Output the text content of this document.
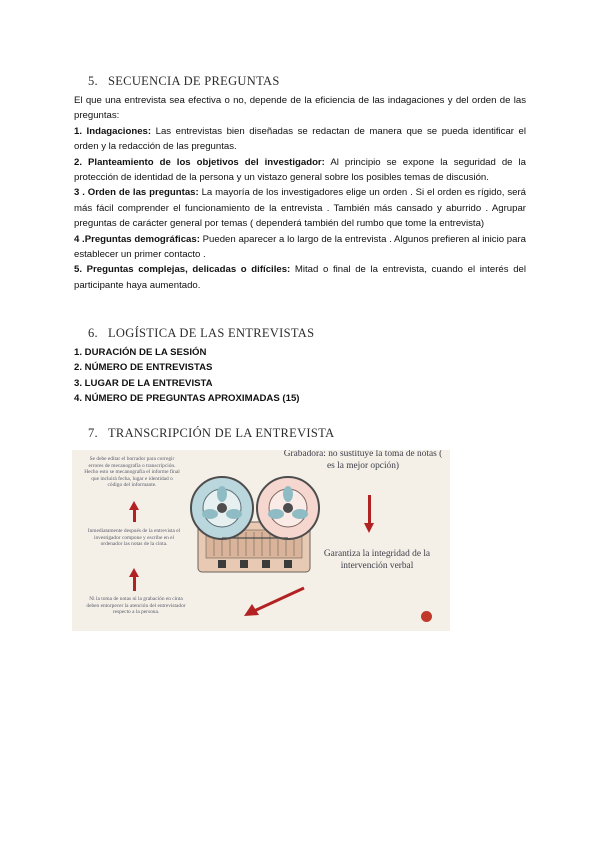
5. SECUENCIA DE PREGUNTAS

El que una entrevista sea efectiva o no, depende de la eficiencia de las indagaciones y del orden de las preguntas:

1. Indagaciones: Las entrevistas bien diseñadas se redactan de manera que se pueda identificar el orden y la redacción de las preguntas.

2. Planteamiento de los objetivos del investigador: Al principio se expone la seguridad de la protección de identidad de la persona y un vistazo general sobre los posibles temas de discusión.

3 . Orden de las preguntas: La mayoría de los investigadores elige un orden . Si el orden es rígido, será más fácil comprender el funcionamiento de la entrevista . También más cansado y aburrido . Agrupar preguntas de carácter general por temas ( dependerá también del rumbo que tome la entrevista)

4 .Preguntas demográficas: Pueden aparecer a lo largo de la entrevista . Algunos prefieren al inicio para establecer un primer contacto .

5. Preguntas complejas, delicadas o difíciles: Mitad o final de la entrevista, cuando el interés del participante haya aumentado.

6. LOGÍSTICA DE LAS ENTREVISTAS
1. DURACIÓN DE LA SESIÓN
2. NÚMERO DE ENTREVISTAS
3. LUGAR DE LA ENTREVISTA
4. NÚMERO DE PREGUNTAS APROXIMADAS (15)
7. TRANSCRIPCIÓN DE LA ENTREVISTA
Se debe editar el borrador para corregir errores de mecanografía o transcripción. Hecho esto se mecanografía el informe final que incluirá fecha, lugar e identidad o código del informante.
Inmediatamente después de la entrevista el investigador compone y escribe en el ordenador las notas de la cinta.
Ni la toma de notas ni la grabación en cinta deben entorpecer la atención del entrevistador respecto a la persona.
Grabadora: no sustituye la toma de notas ( es la mejor opción)
Garantiza la integridad de la intervención verbal
